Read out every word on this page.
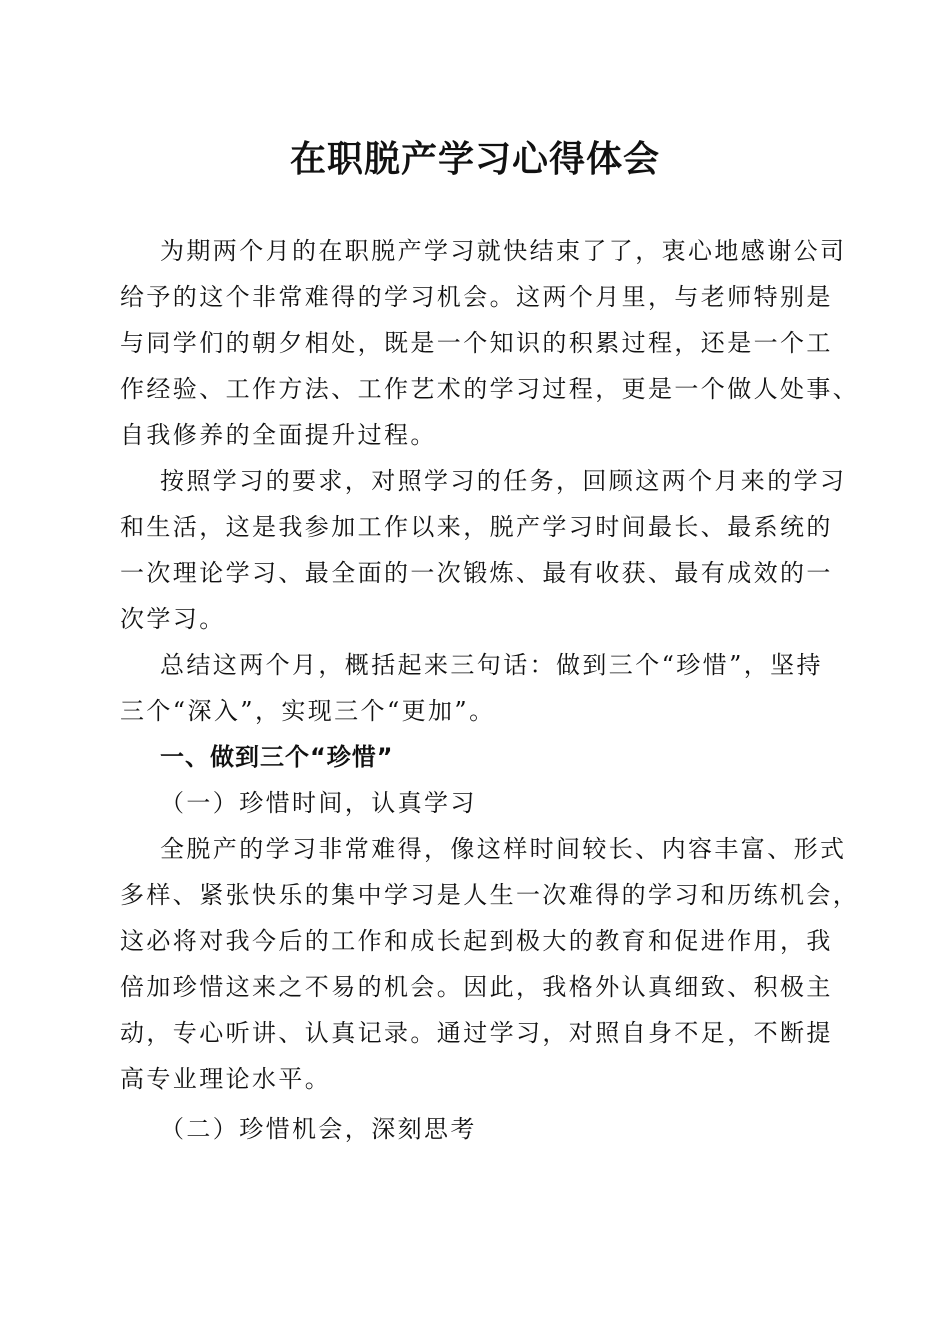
在职脱产学习心得体会

为期两个月的在职脱产学习就快结束了了，衷心地感谢公司
给予的这个非常难得的学习机会。这两个月里，与老师特别是
与同学们的朝夕相处，既是一个知识的积累过程，还是一个工
作经验、工作方法、工作艺术的学习过程，更是一个做人处事、
自我修养的全面提升过程。

按照学习的要求，对照学习的任务，回顾这两个月来的学习
和生活，这是我参加工作以来，脱产学习时间最长、最系统的
一次理论学习、最全面的一次锻炼、最有收获、最有成效的一
次学习。

总结这两个月，概括起来三句话：做到三个“珍惜”，坚持
三个“深入”，实现三个“更加”。

一、做到三个“珍惜”

（一）珍惜时间，认真学习

全脱产的学习非常难得，像这样时间较长、内容丰富、形式
多样、紧张快乐的集中学习是人生一次难得的学习和历练机会，
这必将对我今后的工作和成长起到极大的教育和促进作用，我
倍加珍惜这来之不易的机会。因此，我格外认真细致、积极主
动，专心听讲、认真记录。通过学习，对照自身不足，不断提
高专业理论水平。

（二）珍惜机会，深刻思考
